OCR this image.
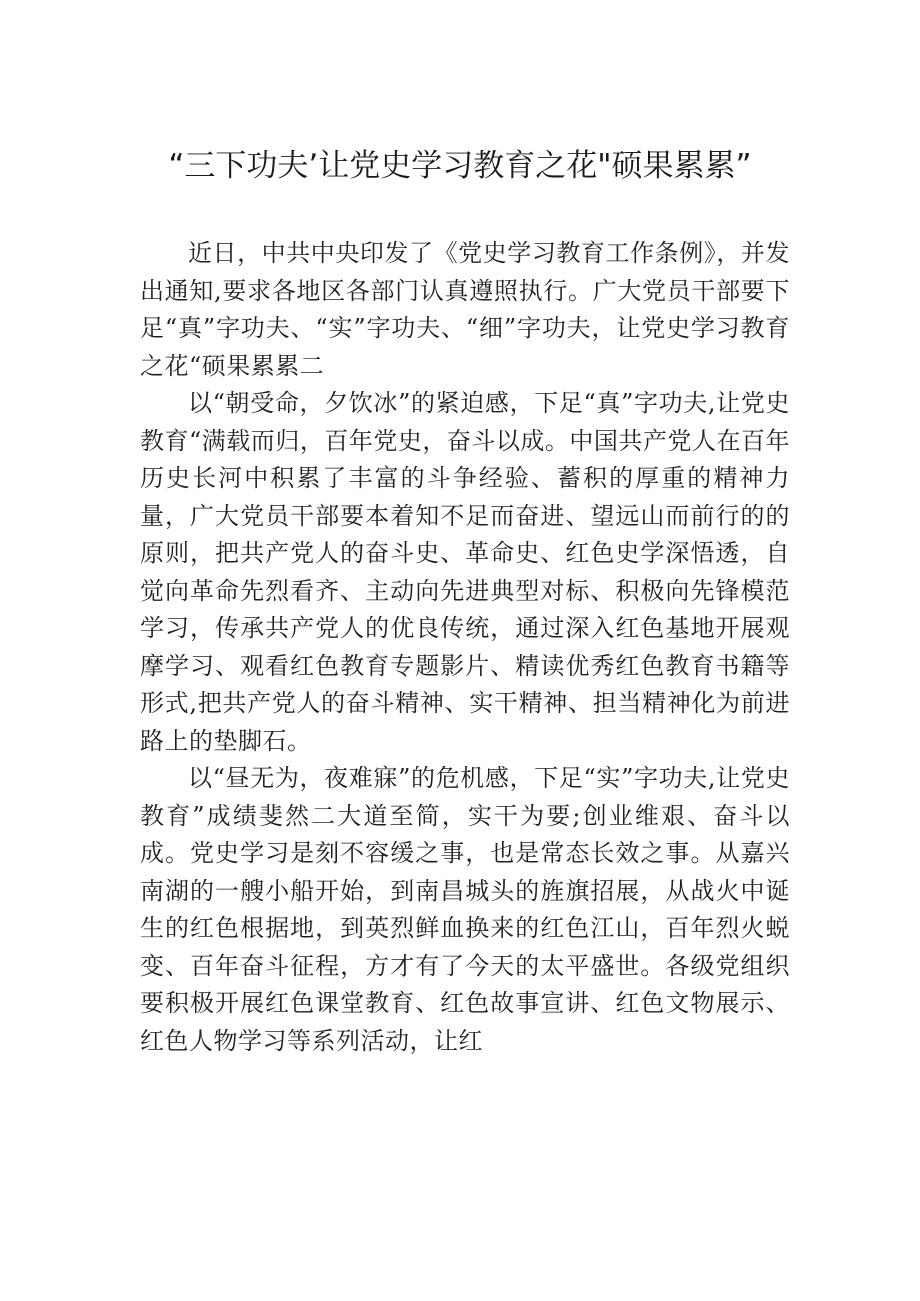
“三下功夫’让党史学习教育之花"硕果累累”

近日，中共中央印发了《党史学习教育工作条例》，并发出通知,要求各地区各部门认真遵照执行。广大党员干部要下足“真”字功夫、“实”字功夫、“细”字功夫，让党史学习教育之花“硕果累累二

以“朝受命，夕饮冰”的紧迫感，下足“真”字功夫,让党史教育“满载而归，百年党史，奋斗以成。中国共产党人在百年历史长河中积累了丰富的斗争经验、蓄积的厚重的精神力量，广大党员干部要本着知不足而奋进、望远山而前行的的原则，把共产党人的奋斗史、革命史、红色史学深悟透，自觉向革命先烈看齐、主动向先进典型对标、积极向先锋模范学习，传承共产党人的优良传统，通过深入红色基地开展观摩学习、观看红色教育专题影片、精读优秀红色教育书籍等形式,把共产党人的奋斗精神、实干精神、担当精神化为前进路上的垫脚石。

以“昼无为，夜难寐”的危机感，下足“实”字功夫,让党史教育”成绩斐然二大道至简，实干为要;创业维艰、奋斗以成。党史学习是刻不容缓之事，也是常态长效之事。从嘉兴南湖的一艘小船开始，到南昌城头的旌旗招展，从战火中诞生的红色根据地，到英烈鲜血换来的红色江山，百年烈火蜕变、百年奋斗征程，方才有了今天的太平盛世。各级党组织要积极开展红色课堂教育、红色故事宣讲、红色文物展示、红色人物学习等系列活动，让红
